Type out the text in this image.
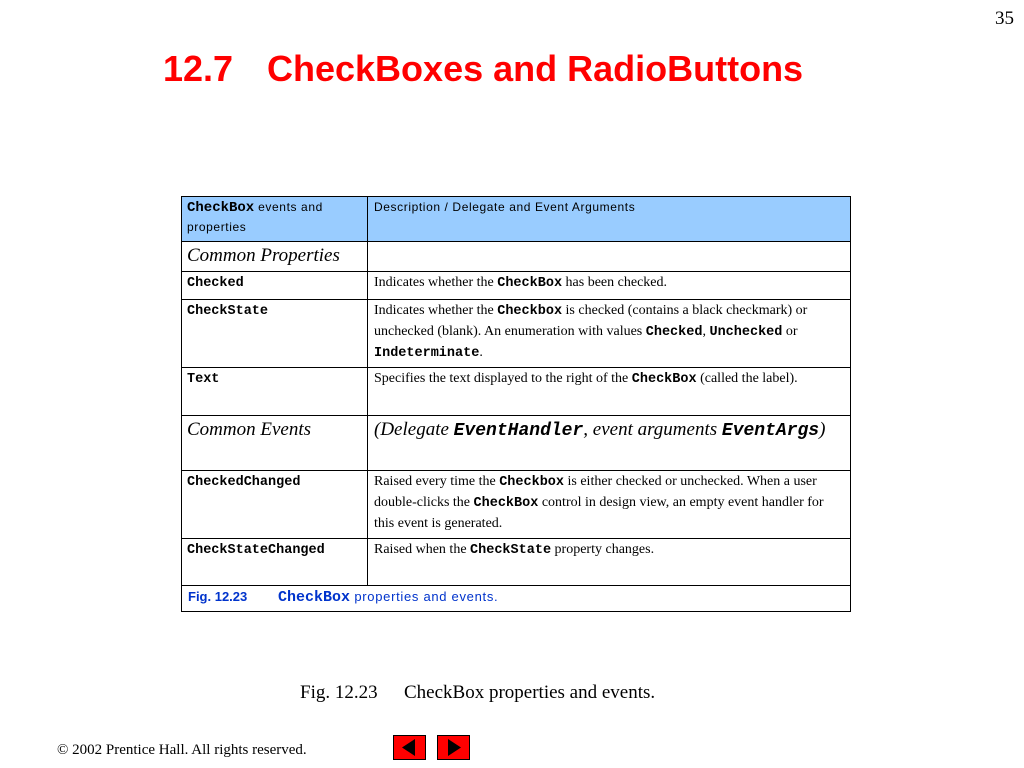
35
12.7 CheckBoxes and RadioButtons
CheckBox events and properties	Description / Delegate and Event Arguments
Common Properties	
Checked	Indicates whether the CheckBox has been checked.
CheckState	Indicates whether the Checkbox is checked (contains a black checkmark) or unchecked (blank). An enumeration with values Checked, Unchecked or Indeterminate.
Text	Specifies the text displayed to the right of the CheckBox (called the label).
Common Events	(Delegate EventHandler, event arguments EventArgs)
CheckedChanged	Raised every time the Checkbox is either checked or unchecked. When a user double-clicks the CheckBox control in design view, an empty event handler for this event is generated.
CheckStateChanged	Raised when the CheckState property changes.
Fig. 12.23 CheckBox properties and events.	
Fig. 12.23 CheckBox properties and events.
© 2002 Prentice Hall. All rights reserved.
